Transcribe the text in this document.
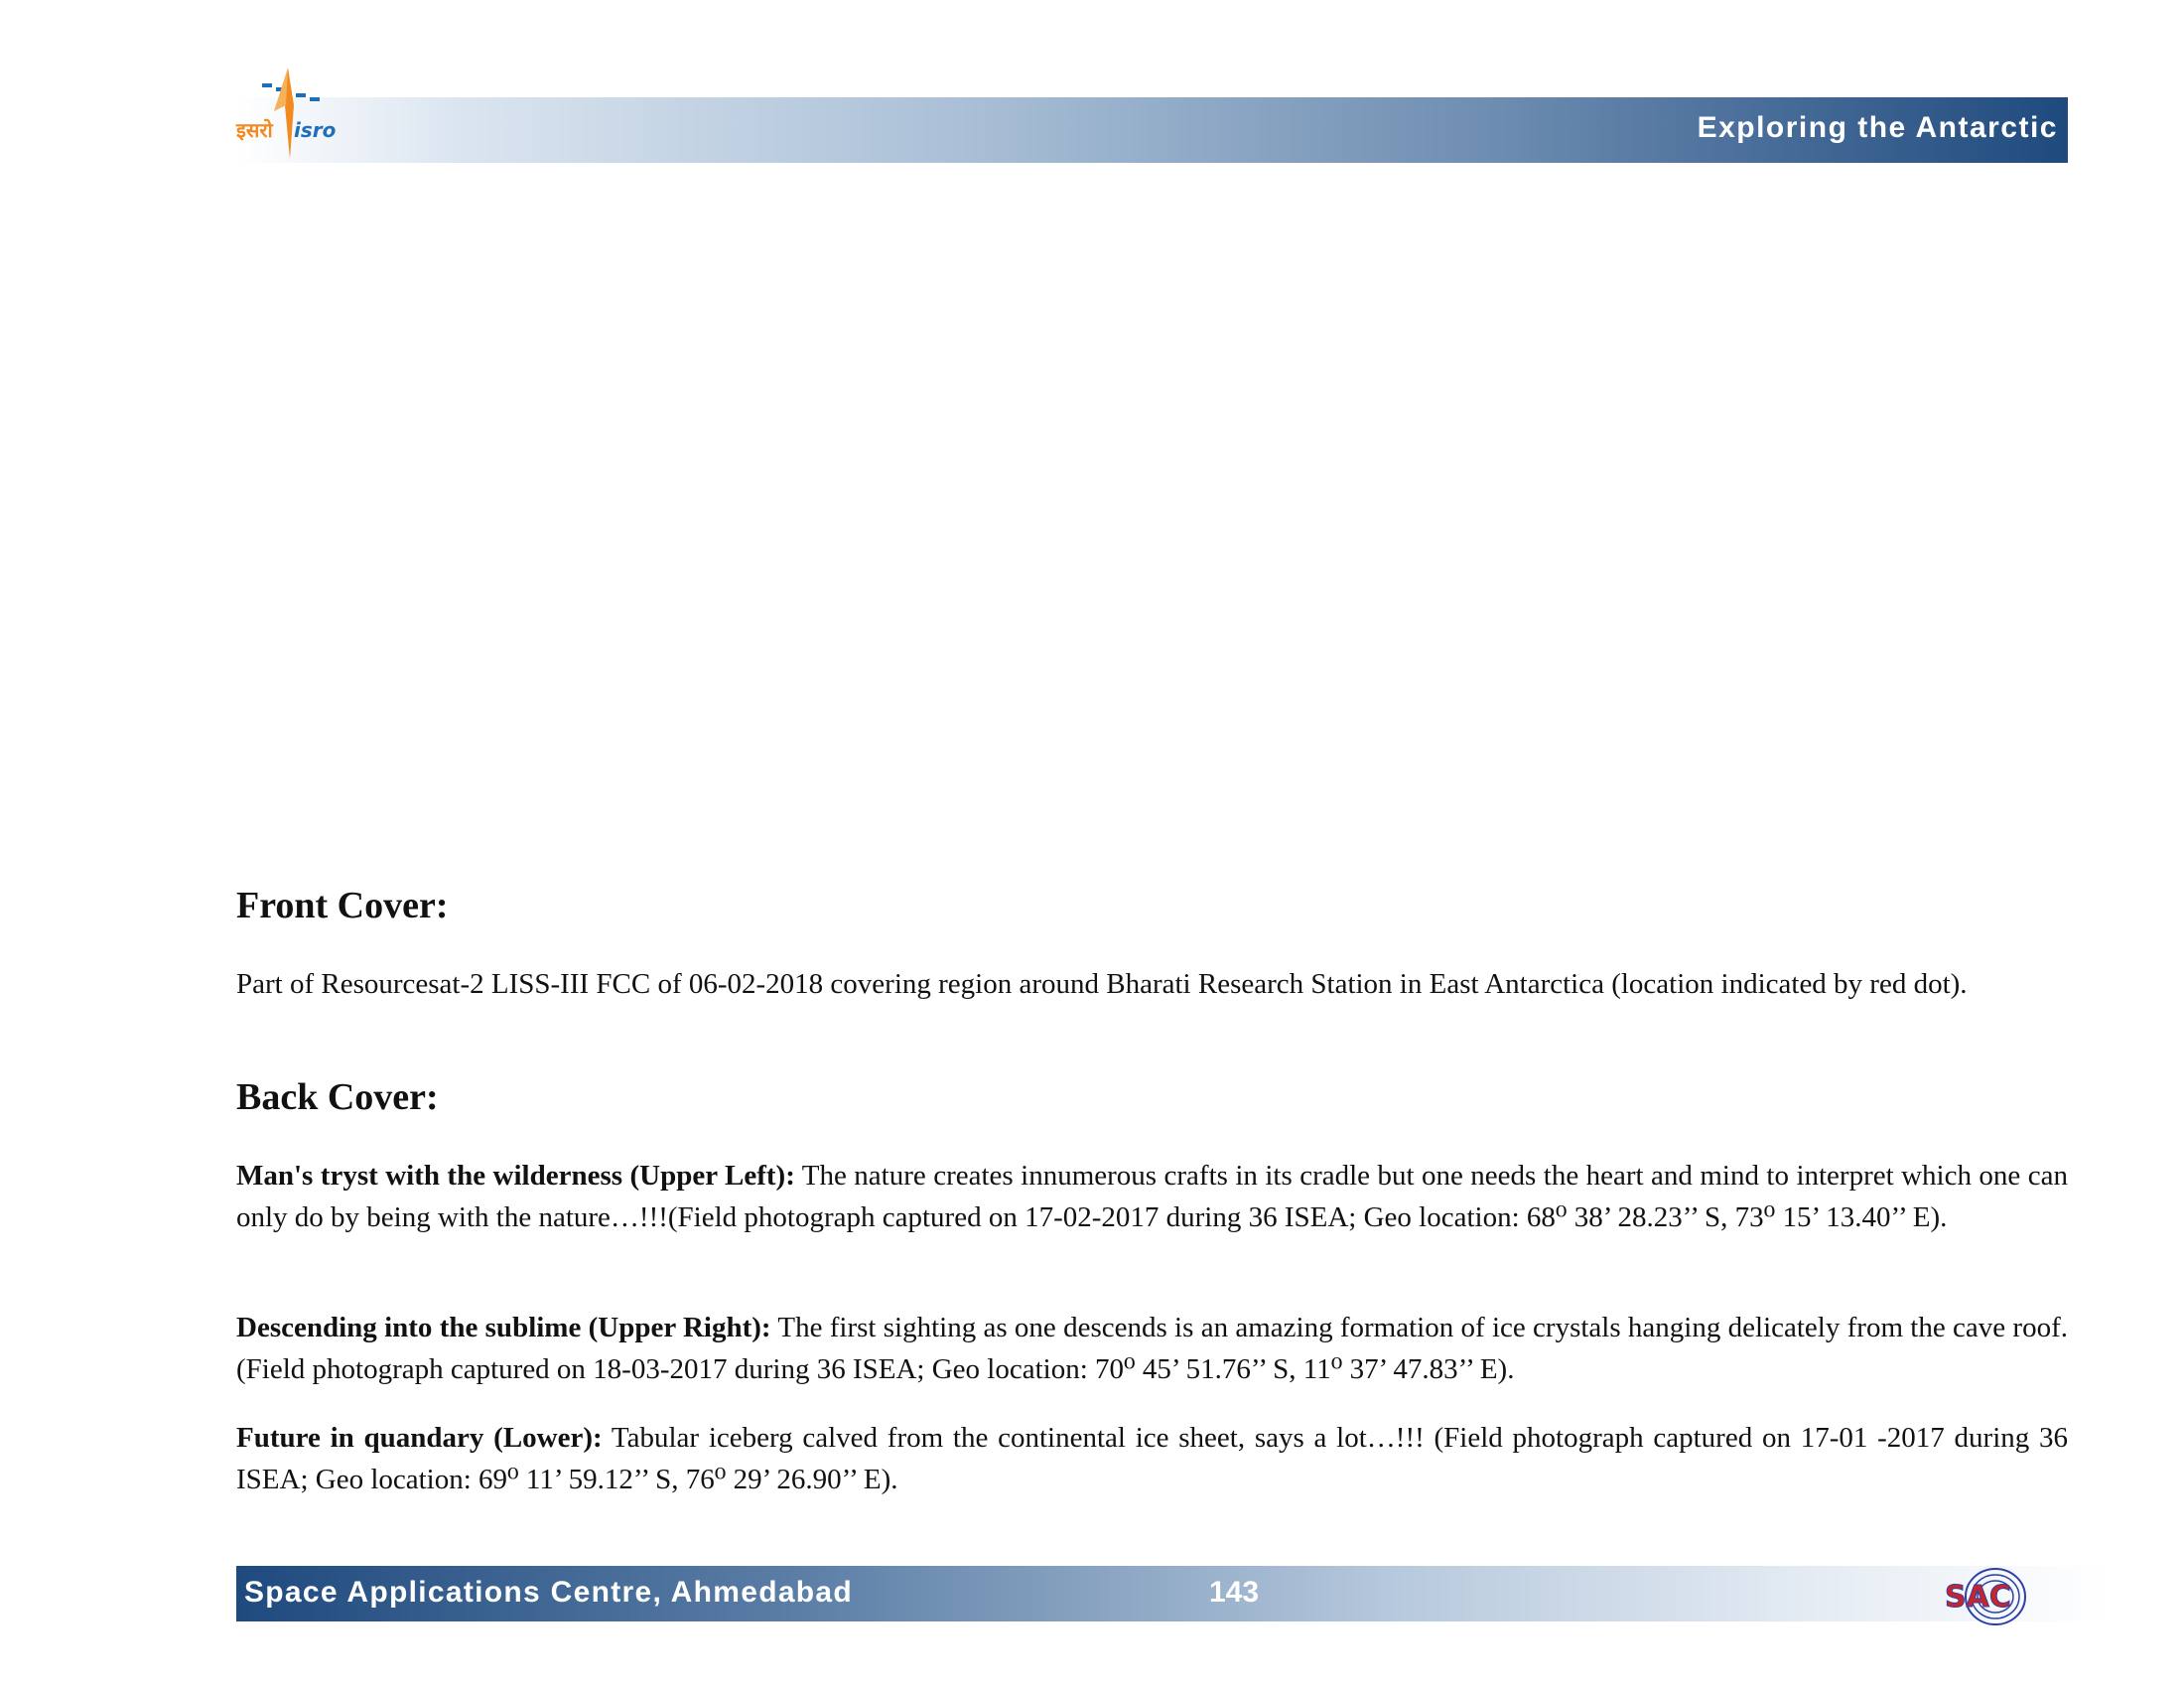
Exploring the Antarctic
इसरो isro
Front Cover:

Part of Resourcesat-2 LISS-III FCC of 06-02-2018 covering region around Bharati Research Station in East Antarctica (location indicated by red dot).

Back Cover:

Man's tryst with the wilderness (Upper Left): The nature creates innumerous crafts in its cradle but one needs the heart and mind to interpret which one can only do by being with the nature…!!!(Field photograph captured on 17-02-2017 during 36 ISEA; Geo location: 68⁰ 38’ 28.23’’ S, 73⁰ 15’ 13.40’’ E).

Descending into the sublime (Upper Right): The first sighting as one descends is an amazing formation of ice crystals hanging delicately from the cave roof. (Field photograph captured on 18-03-2017 during 36 ISEA; Geo location: 70⁰ 45’ 51.76’’ S, 11⁰ 37’ 47.83’’ E).

Future in quandary (Lower): Tabular iceberg calved from the continental ice sheet, says a lot…!!! (Field photograph captured on 17-01 -2017 during 36 ISEA; Geo location: 69⁰ 11’ 59.12’’ S, 76⁰ 29’ 26.90’’ E).

Space Applications Centre, Ahmedabad	143	SAC
